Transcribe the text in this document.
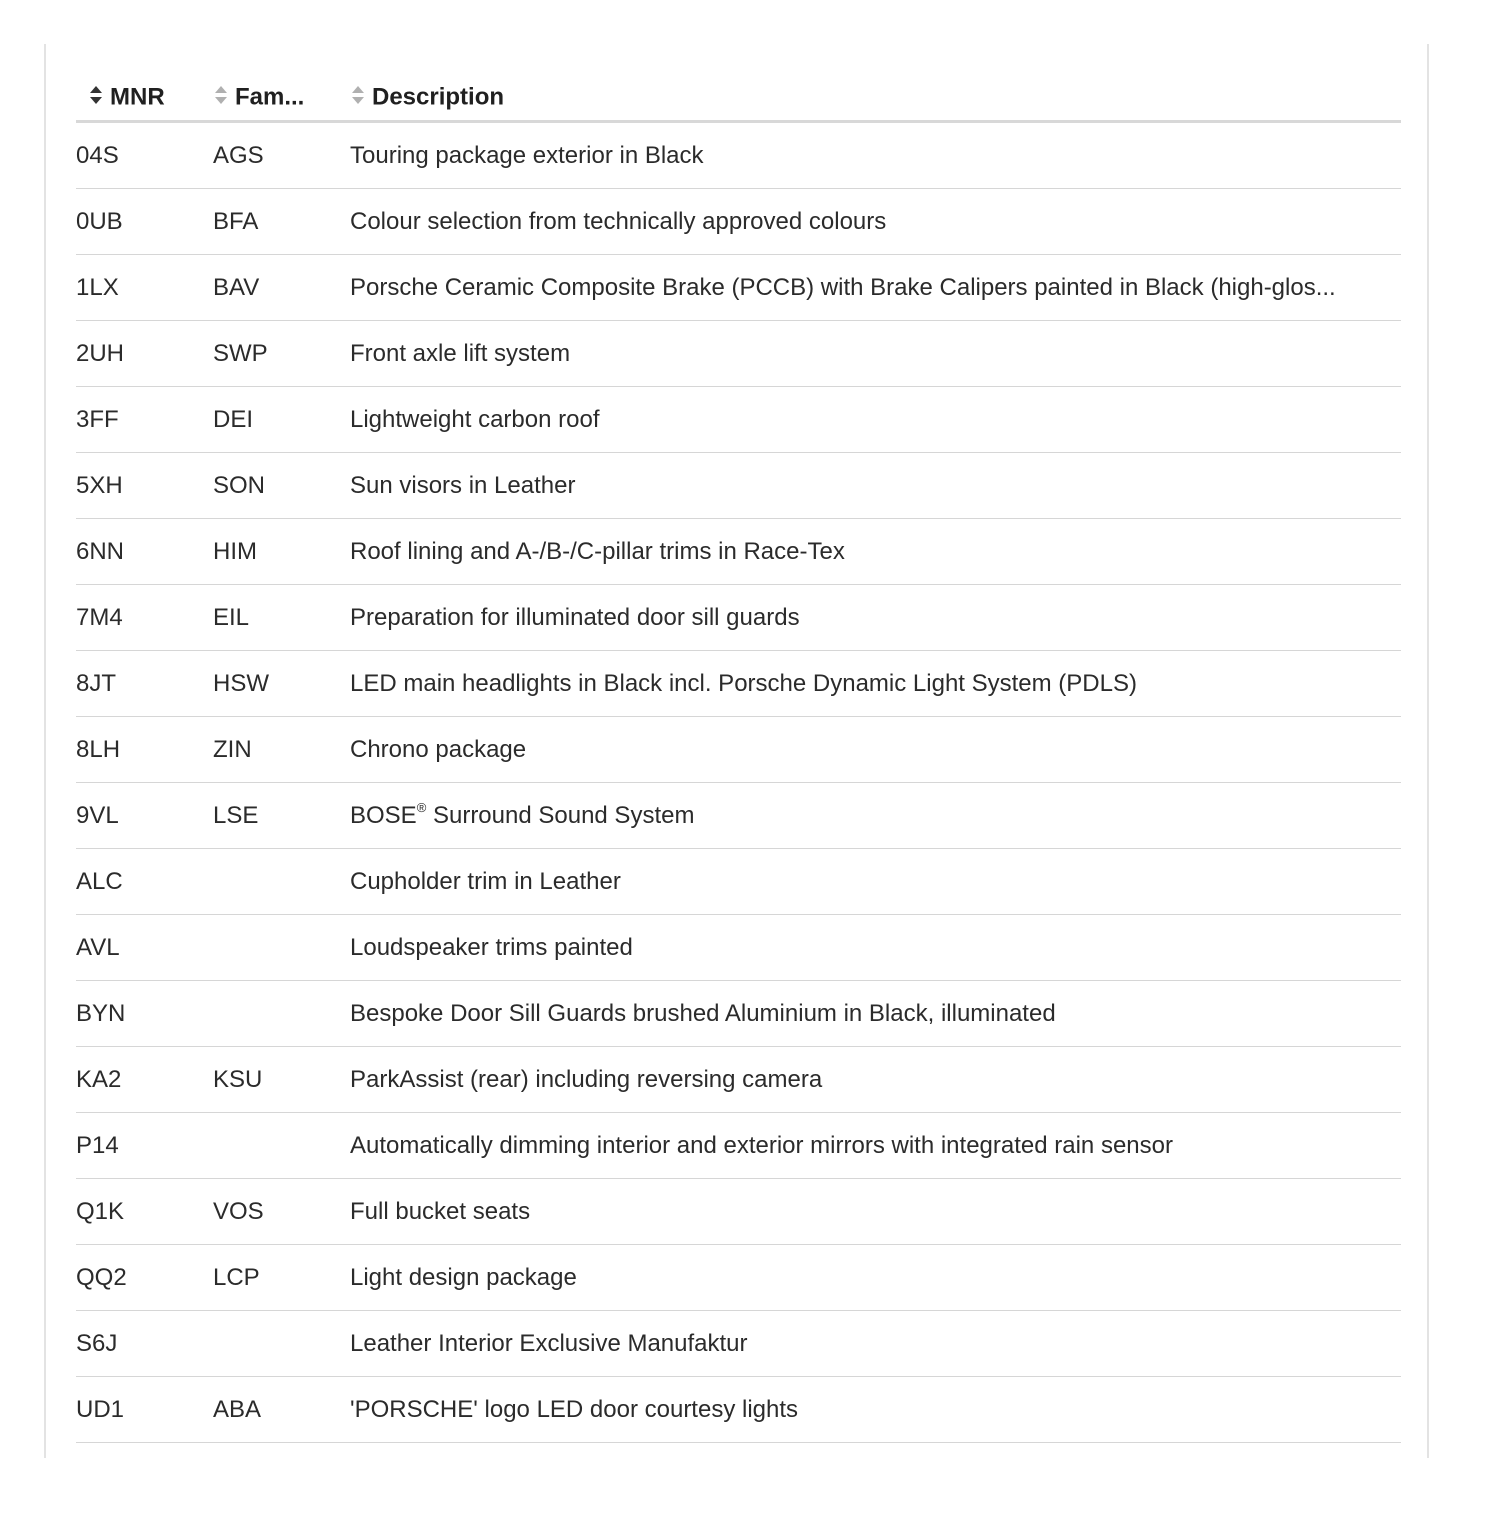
MNR	Fam...	Description
04S	AGS	Touring package exterior in Black
0UB	BFA	Colour selection from technically approved colours
1LX	BAV	Porsche Ceramic Composite Brake (PCCB) with Brake Calipers painted in Black (high-glos...
2UH	SWP	Front axle lift system
3FF	DEI	Lightweight carbon roof
5XH	SON	Sun visors in Leather
6NN	HIM	Roof lining and A-/B-/C-pillar trims in Race-Tex
7M4	EIL	Preparation for illuminated door sill guards
8JT	HSW	LED main headlights in Black incl. Porsche Dynamic Light System (PDLS)
8LH	ZIN	Chrono package
9VL	LSE	BOSE® Surround Sound System
ALC		Cupholder trim in Leather
AVL		Loudspeaker trims painted
BYN		Bespoke Door Sill Guards brushed Aluminium in Black, illuminated
KA2	KSU	ParkAssist (rear) including reversing camera
P14		Automatically dimming interior and exterior mirrors with integrated rain sensor
Q1K	VOS	Full bucket seats
QQ2	LCP	Light design package
S6J		Leather Interior Exclusive Manufaktur
UD1	ABA	'PORSCHE' logo LED door courtesy lights
